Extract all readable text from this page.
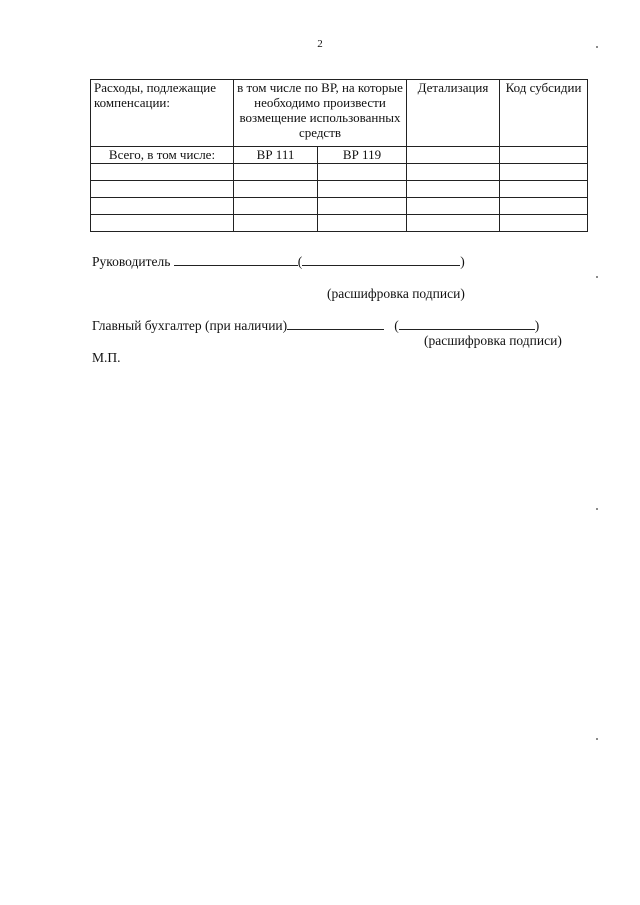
2
Расходы, подлежащие компенсации:	в том числе по ВР, на которые необходимо произвести возмещение использованных средств		Детализация	Код субсидии
Всего, в том числе:	ВР 111	ВР 119		

Руководитель	(	)
(расшифровка подписи)
Главный бухгалтер (при наличии)	(	)
(расшифровка подписи)
М.П.
